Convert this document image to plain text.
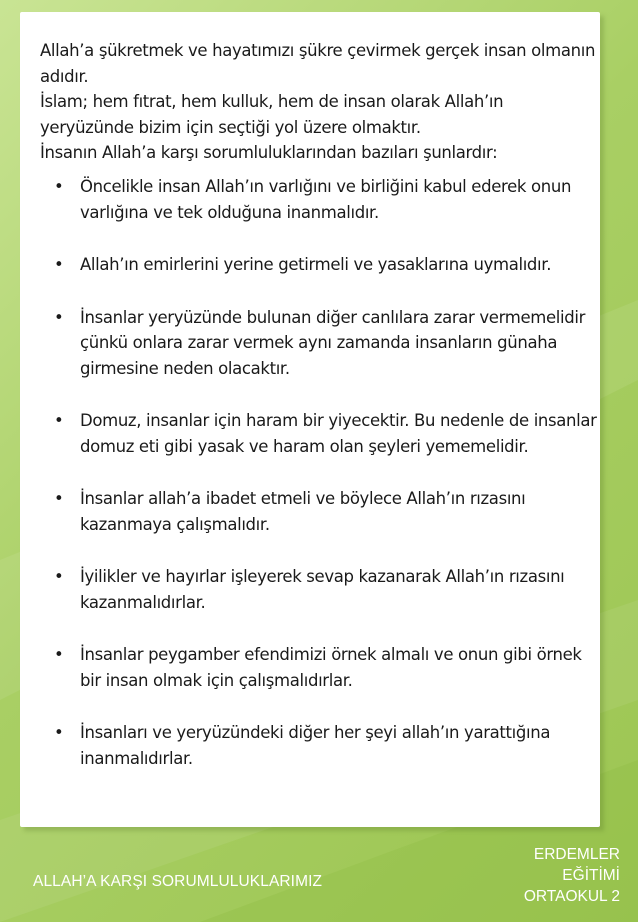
Allah’a şükretmek ve hayatımızı şükre çevirmek gerçek insan olmanın adıdır.

İslam; hem fıtrat, hem kulluk, hem de insan olarak Allah’ın yeryüzünde bizim için seçtiği yol üzere olmaktır.

İnsanın Allah’a karşı sorumluluklarından bazıları şunlardır:

• Öncelikle insan Allah’ın varlığını ve birliğini kabul ederek onun varlığına ve tek olduğuna inanmalıdır.
• Allah’ın emirlerini yerine getirmeli ve yasaklarına uymalıdır.
• İnsanlar yeryüzünde bulunan diğer canlılara zarar vermemelidir çünkü onlara zarar vermek aynı zamanda insanların günaha girmesine neden olacaktır.
• Domuz, insanlar için haram bir yiyecektir. Bu nedenle de insanlar domuz eti gibi yasak ve haram olan şeyleri yememelidir.
• İnsanlar allah’a ibadet etmeli ve böylece Allah’ın rızasını kazanmaya çalışmalıdır.
• İyilikler ve hayırlar işleyerek sevap kazanarak Allah’ın rızasını kazanmalıdırlar.
• İnsanlar peygamber efendimizi örnek almalı ve onun gibi örnek bir insan olmak için çalışmalıdırlar.
• İnsanları ve yeryüzündeki diğer her şeyi allah’ın yarattığına inanmalıdırlar.
ALLAH’A KARŞI SORUMLULUKLARIMIZ
ERDEMLER
EĞİTİMİ
ORTAOKUL 2
